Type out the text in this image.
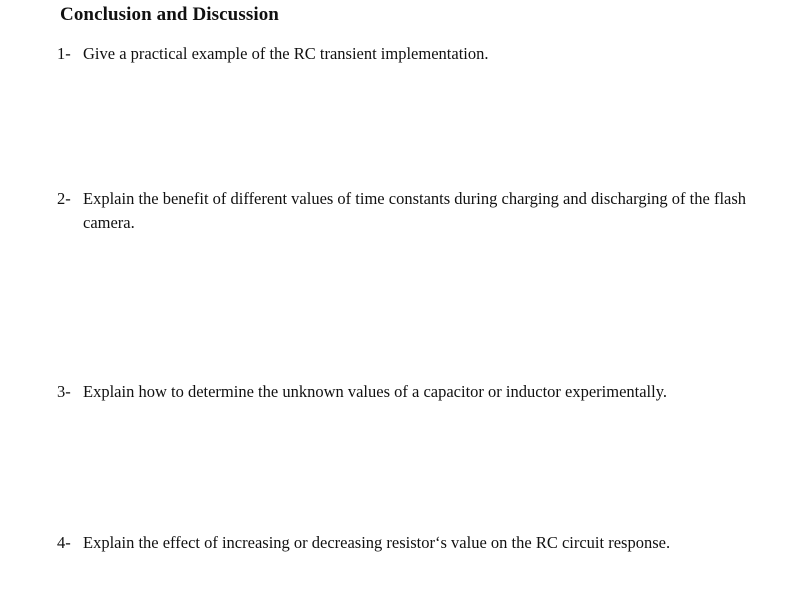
Conclusion and Discussion
1- Give a practical example of the RC transient implementation.
2- Explain the benefit of different values of time constants during charging and discharging of the flash camera.
3- Explain how to determine the unknown values of a capacitor or inductor experimentally.
4- Explain the effect of increasing or decreasing resistor‘s value on the RC circuit response.
